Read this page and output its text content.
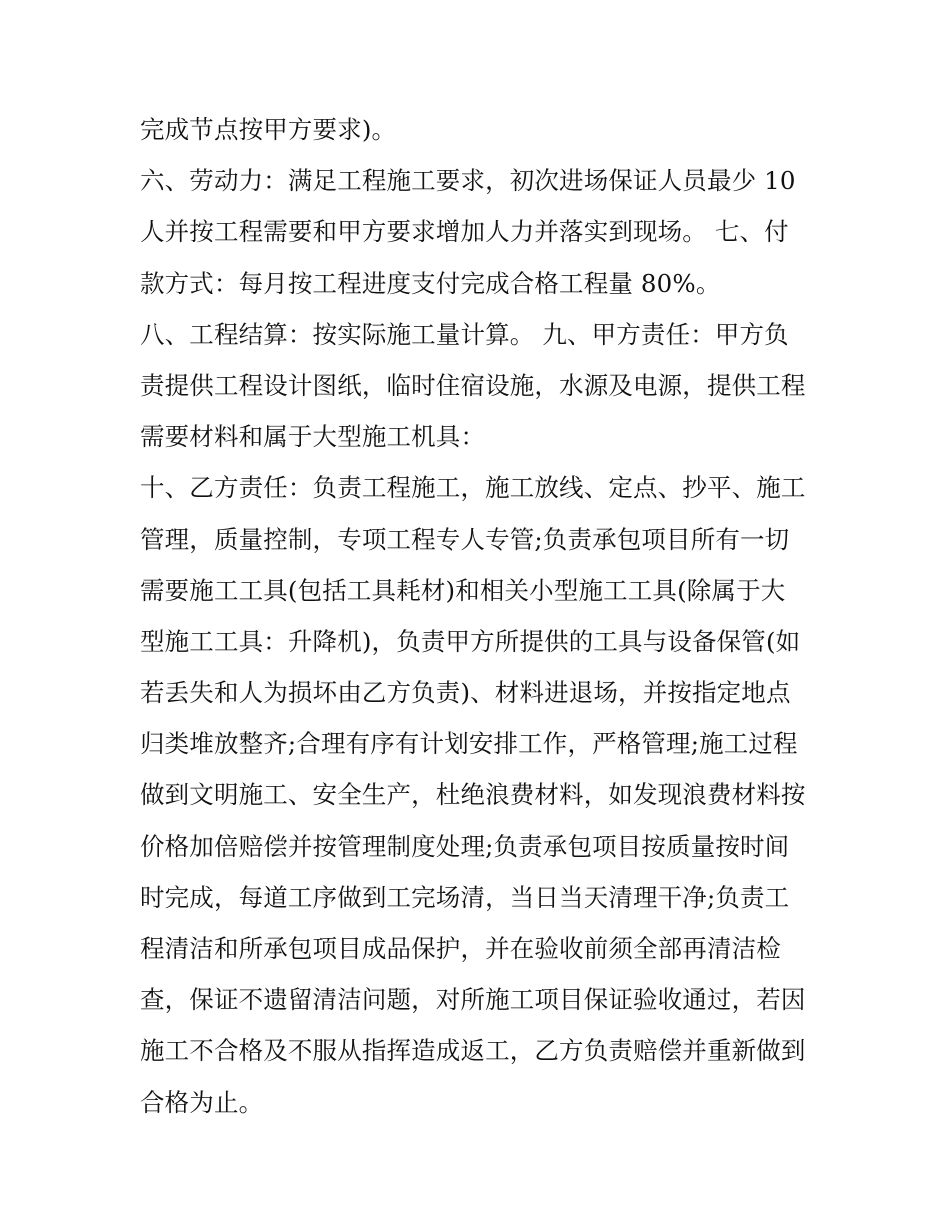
完成节点按甲方要求)。
六、劳动力：满足工程施工要求，初次进场保证人员最少 10
人并按工程需要和甲方要求增加人力并落实到现场。 七、付
款方式：每月按工程进度支付完成合格工程量 80%。
八、工程结算：按实际施工量计算。 九、甲方责任：甲方负
责提供工程设计图纸，临时住宿设施，水源及电源，提供工程
需要材料和属于大型施工机具：
十、乙方责任：负责工程施工，施工放线、定点、抄平、施工
管理，质量控制，专项工程专人专管;负责承包项目所有一切
需要施工工具(包括工具耗材)和相关小型施工工具(除属于大
型施工工具：升降机)，负责甲方所提供的工具与设备保管(如
若丢失和人为损坏由乙方负责)、材料进退场，并按指定地点
归类堆放整齐;合理有序有计划安排工作，严格管理;施工过程
做到文明施工、安全生产，杜绝浪费材料，如发现浪费材料按
价格加倍赔偿并按管理制度处理;负责承包项目按质量按时间
时完成，每道工序做到工完场清，当日当天清理干净;负责工
程清洁和所承包项目成品保护，并在验收前须全部再清洁检
查，保证不遗留清洁问题，对所施工项目保证验收通过，若因
施工不合格及不服从指挥造成返工，乙方负责赔偿并重新做到
合格为止。
